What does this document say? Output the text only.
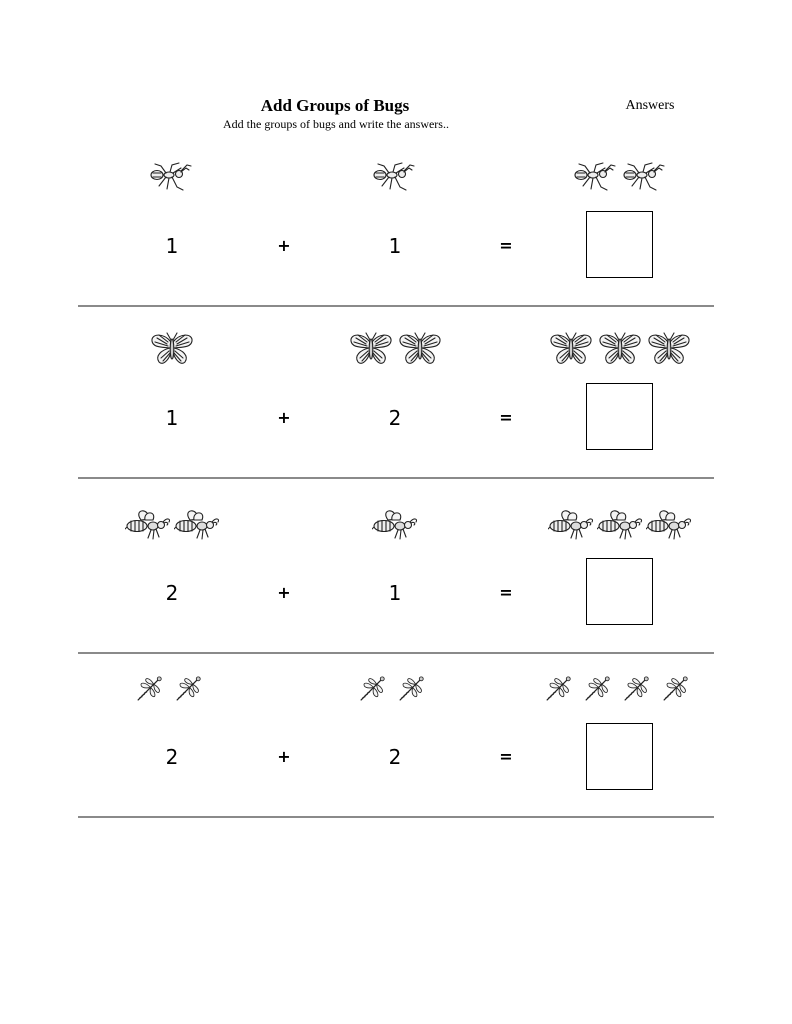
Add Groups of Bugs
Add the groups of bugs and write the answers..
Answers
1	+	1	=
1	+	2	=
2	+	1	=
2	+	2	=
